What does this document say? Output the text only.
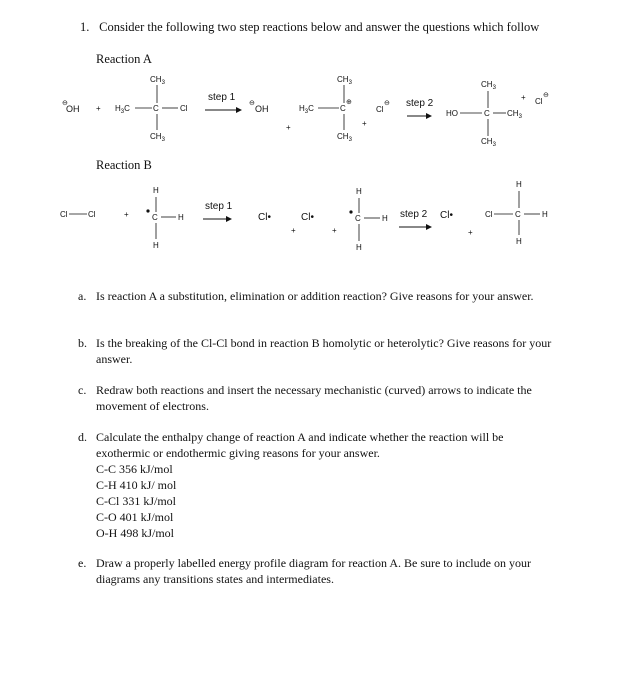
1. Consider the following two step reactions below and answer the questions which follow
Reaction A
⊖
OH +
$CH_3$
$H_3C$	C	Cl
$CH_3$
step 1
⊖
OH
+
$CH_3$
$H_3C$	C
⊕
$CH_3$
+
⊖
Cl
step 2
$CH_3$
HO	C $CH_3$
$CH_3$
+ Cl
⊖
Reaction B
Cl	Cl	+
H
C	H
H
step 1
Cl•
+
Cl•
+
H
C	H
H
step 2 Cl•
+
H
Cl	C	H
H
a. Is reaction A a substitution, elimination or addition reaction? Give reasons for your answer.
b. Is the breaking of the Cl-Cl bond in reaction B homolytic or heterolytic? Give reasons for your answer.
c. Redraw both reactions and insert the necessary mechanistic (curved) arrows to indicate the movement of electrons.
d. Calculate the enthalpy change of reaction A and indicate whether the reaction will be exothermic or endothermic giving reasons for your answer.
C-C 356 kJ/mol
C-H 410 kJ/ mol
C-Cl 331 kJ/mol
C-O 401 kJ/mol
O-H 498 kJ/mol
e. Draw a properly labelled energy profile diagram for reaction A. Be sure to include on your diagrams any transitions states and intermediates.
